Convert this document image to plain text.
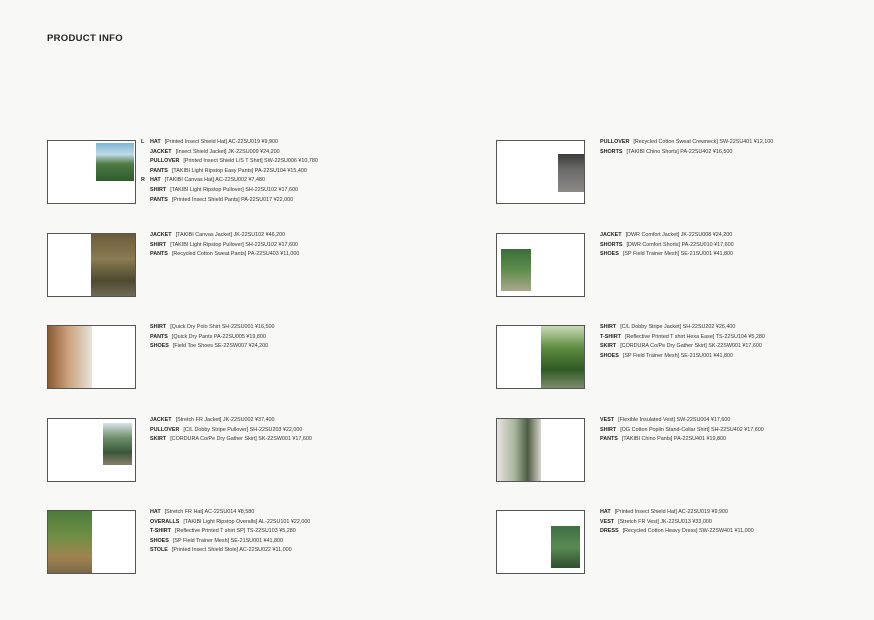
PRODUCT INFO
L HAT [Printed Insect Shield Hat] AC-22SU019 ¥9,900
JACKET [Insect Shield Jacket] JK-22SU009 ¥24,200
PULLOVER [Printed Insect Shield L/S T Shirt] SW-22SU006 ¥10,780
PANTS [TAKIBI Light Ripstop Easy Pants] PA-22SU104 ¥15,400
R HAT [TAKIBI Canvas Hat] AC-22SU002 ¥7,480
SHIRT [TAKIBI Light Ripstop Pullover] SH-22SU102 ¥17,600
PANTS [Printed Insect Shield Pants] PA-22SU017 ¥22,000
PULLOVER [Recycled Cotton Sweat Crewneck] SW-22SU401 ¥12,100
SHORTS [TAKIBI Chino Shorts] PA-22SU402 ¥16,500
JACKET [TAKIBI Canvas Jacket] JK-22SU102 ¥46,200
SHIRT [TAKIBI Light Ripstop Pullover] SH-22SU102 ¥17,600
PANTS [Recycled Cotton Sweat Pants] PA-22SU403 ¥11,000
JACKET [DWR Comfort Jacket] JK-22SU008 ¥24,200
SHORTS [DWR Comfort Shorts] PA-22SU010 ¥17,600
SHOES [SP Field Trainer Mesh] SE-21SU001 ¥41,800
SHIRT [Quick Dry Polo Shirt SH-22SU001 ¥16,500
PANTS [Quick Dry Pants PA-22SU005 ¥19,800
SHOES [Field Toe Shoes SE-22SW007 ¥24,200
SHIRT [C/L Dobby Stripe Jacket] SH-22SU202 ¥26,400
T-SHIRT [Reflective Printed T shirt Hexa Ease] TS-22SU104 ¥5,280
SKIRT [CORDURA Co/Pe Dry Gather Skirt] SK-22SW001 ¥17,600
SHOES [SP Field Trainer Mesh] SE-21SU001 ¥41,800
JACKET [Stretch FR Jacket] JK-22SU002 ¥37,400
PULLOVER [C/L Dobby Stripe Pullover] SH-22SU203 ¥22,000
SKIRT [CORDURA Co/Pe Dry Gather Skirt] SK-22SW001 ¥17,600
VEST [Flexible Insulated Vest] SW-22SU004 ¥17,600
SHIRT [OG Cotton Poplin Stand-Collar Shirt] SH-22SU402 ¥17,600
PANTS [TAKIBI Chino Pants] PA-22SU401 ¥19,800
HAT [Stretch FR Hat] AC-22SU014 ¥8,580
OVERALLS [TAKIBI Light Ripstop Overalls] AL-22SU101 ¥22,000
T-SHIRT [Reflective Printed T shirt SP] TS-22SU103 ¥5,280
SHOES [SP Field Trainer Mesh] SE-21SU001 ¥41,800
STOLE [Printed Insect Shield Stole] AC-22SU022 ¥11,000
HAT [Printed Insect Shield Hat] AC-22SU019 ¥9,900
VEST [Stretch FR Vest] JK-22SU013 ¥33,000
DRESS [Recycled Cotton Heavy Dress] SW-22SW401 ¥11,000
